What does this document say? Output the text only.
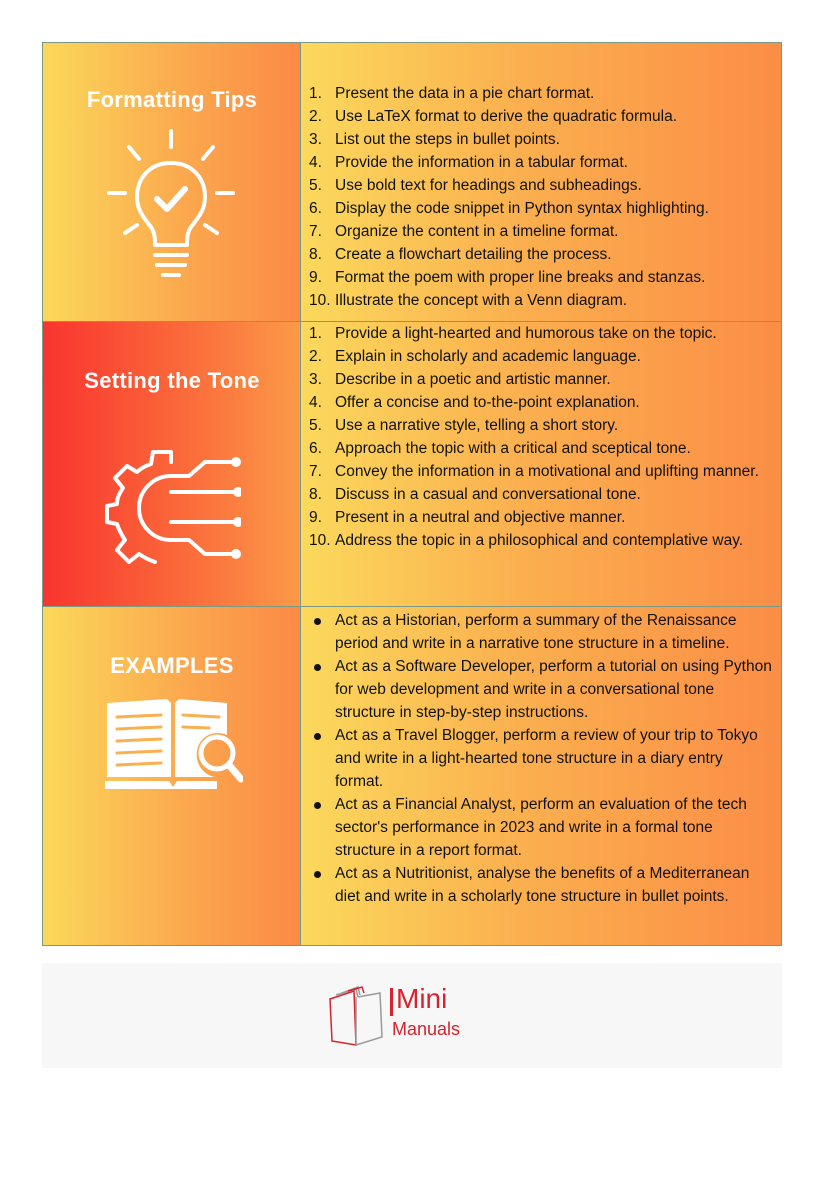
Formatting Tips	1. Present the data in a pie chart format.
2. Use LaTeX format to derive the quadratic formula.
3. List out the steps in bullet points.
4. Provide the information in a tabular format.
5. Use bold text for headings and subheadings.
6. Display the code snippet in Python syntax highlighting.
7. Organize the content in a timeline format.
8. Create a flowchart detailing the process.
9. Format the poem with proper line breaks and stanzas.
10. Illustrate the concept with a Venn diagram.
Setting the Tone
1. Provide a light-hearted and humorous take on the topic.
2. Explain in scholarly and academic language.
3. Describe in a poetic and artistic manner.
4. Offer a concise and to-the-point explanation.
5. Use a narrative style, telling a short story.
6. Approach the topic with a critical and sceptical tone.
7. Convey the information in a motivational and uplifting manner.
8. Discuss in a casual and conversational tone.
9. Present in a neutral and objective manner.
10. Address the topic in a philosophical and contemplative way.
EXAMPLES
Act as a Historian, perform a summary of the Renaissance period and write in a narrative tone structure in a timeline.
Act as a Software Developer, perform a tutorial on using Python for web development and write in a conversational tone structure in step-by-step instructions.
Act as a Travel Blogger, perform a review of your trip to Tokyo and write in a light-hearted tone structure in a diary entry format.
Act as a Financial Analyst, perform an evaluation of the tech sector's performance in 2023 and write in a formal tone structure in a report format.
Act as a Nutritionist, analyse the benefits of a Mediterranean diet and write in a scholarly tone structure in bullet points.
Mini
Manuals
